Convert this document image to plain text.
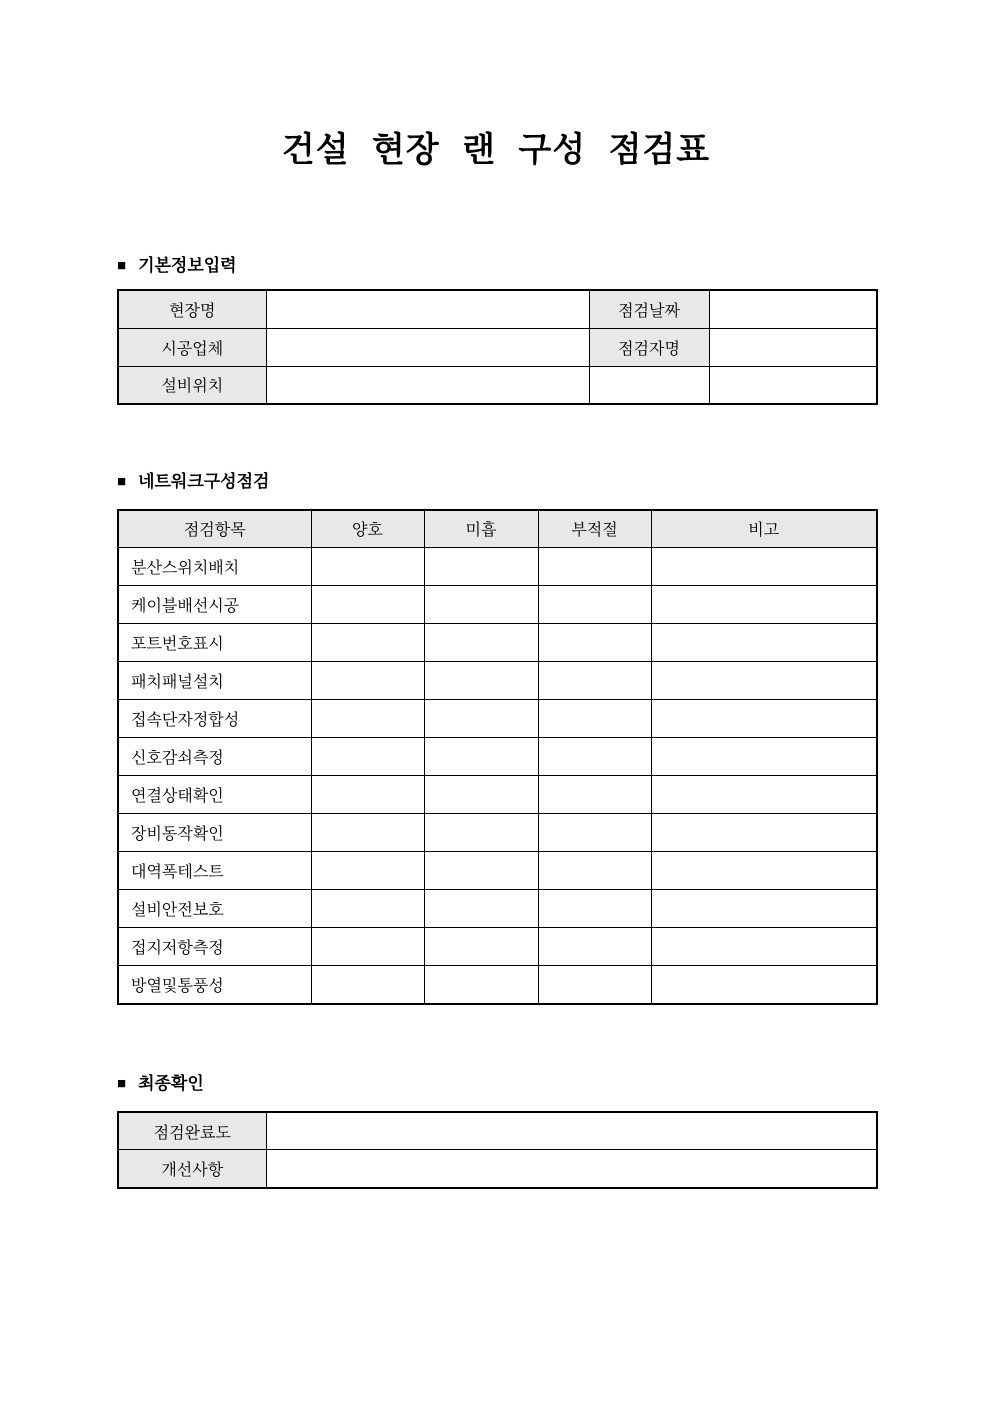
건설 현장 랜 구성 점검표
■ 기본정보입력
현장명		점검날짜	
시공업체		점검자명	
설비위치			
■ 네트워크구성점검
점검항목	양호	미흡	부적절	비고
분산스위치배치				
케이블배선시공				
포트번호표시				
패치패널설치				
접속단자정합성				
신호감쇠측정				
연결상태확인				
장비동작확인				
대역폭테스트				
설비안전보호				
접지저항측정				
방열및통풍성				
■ 최종확인
점검완료도	
개선사항	
